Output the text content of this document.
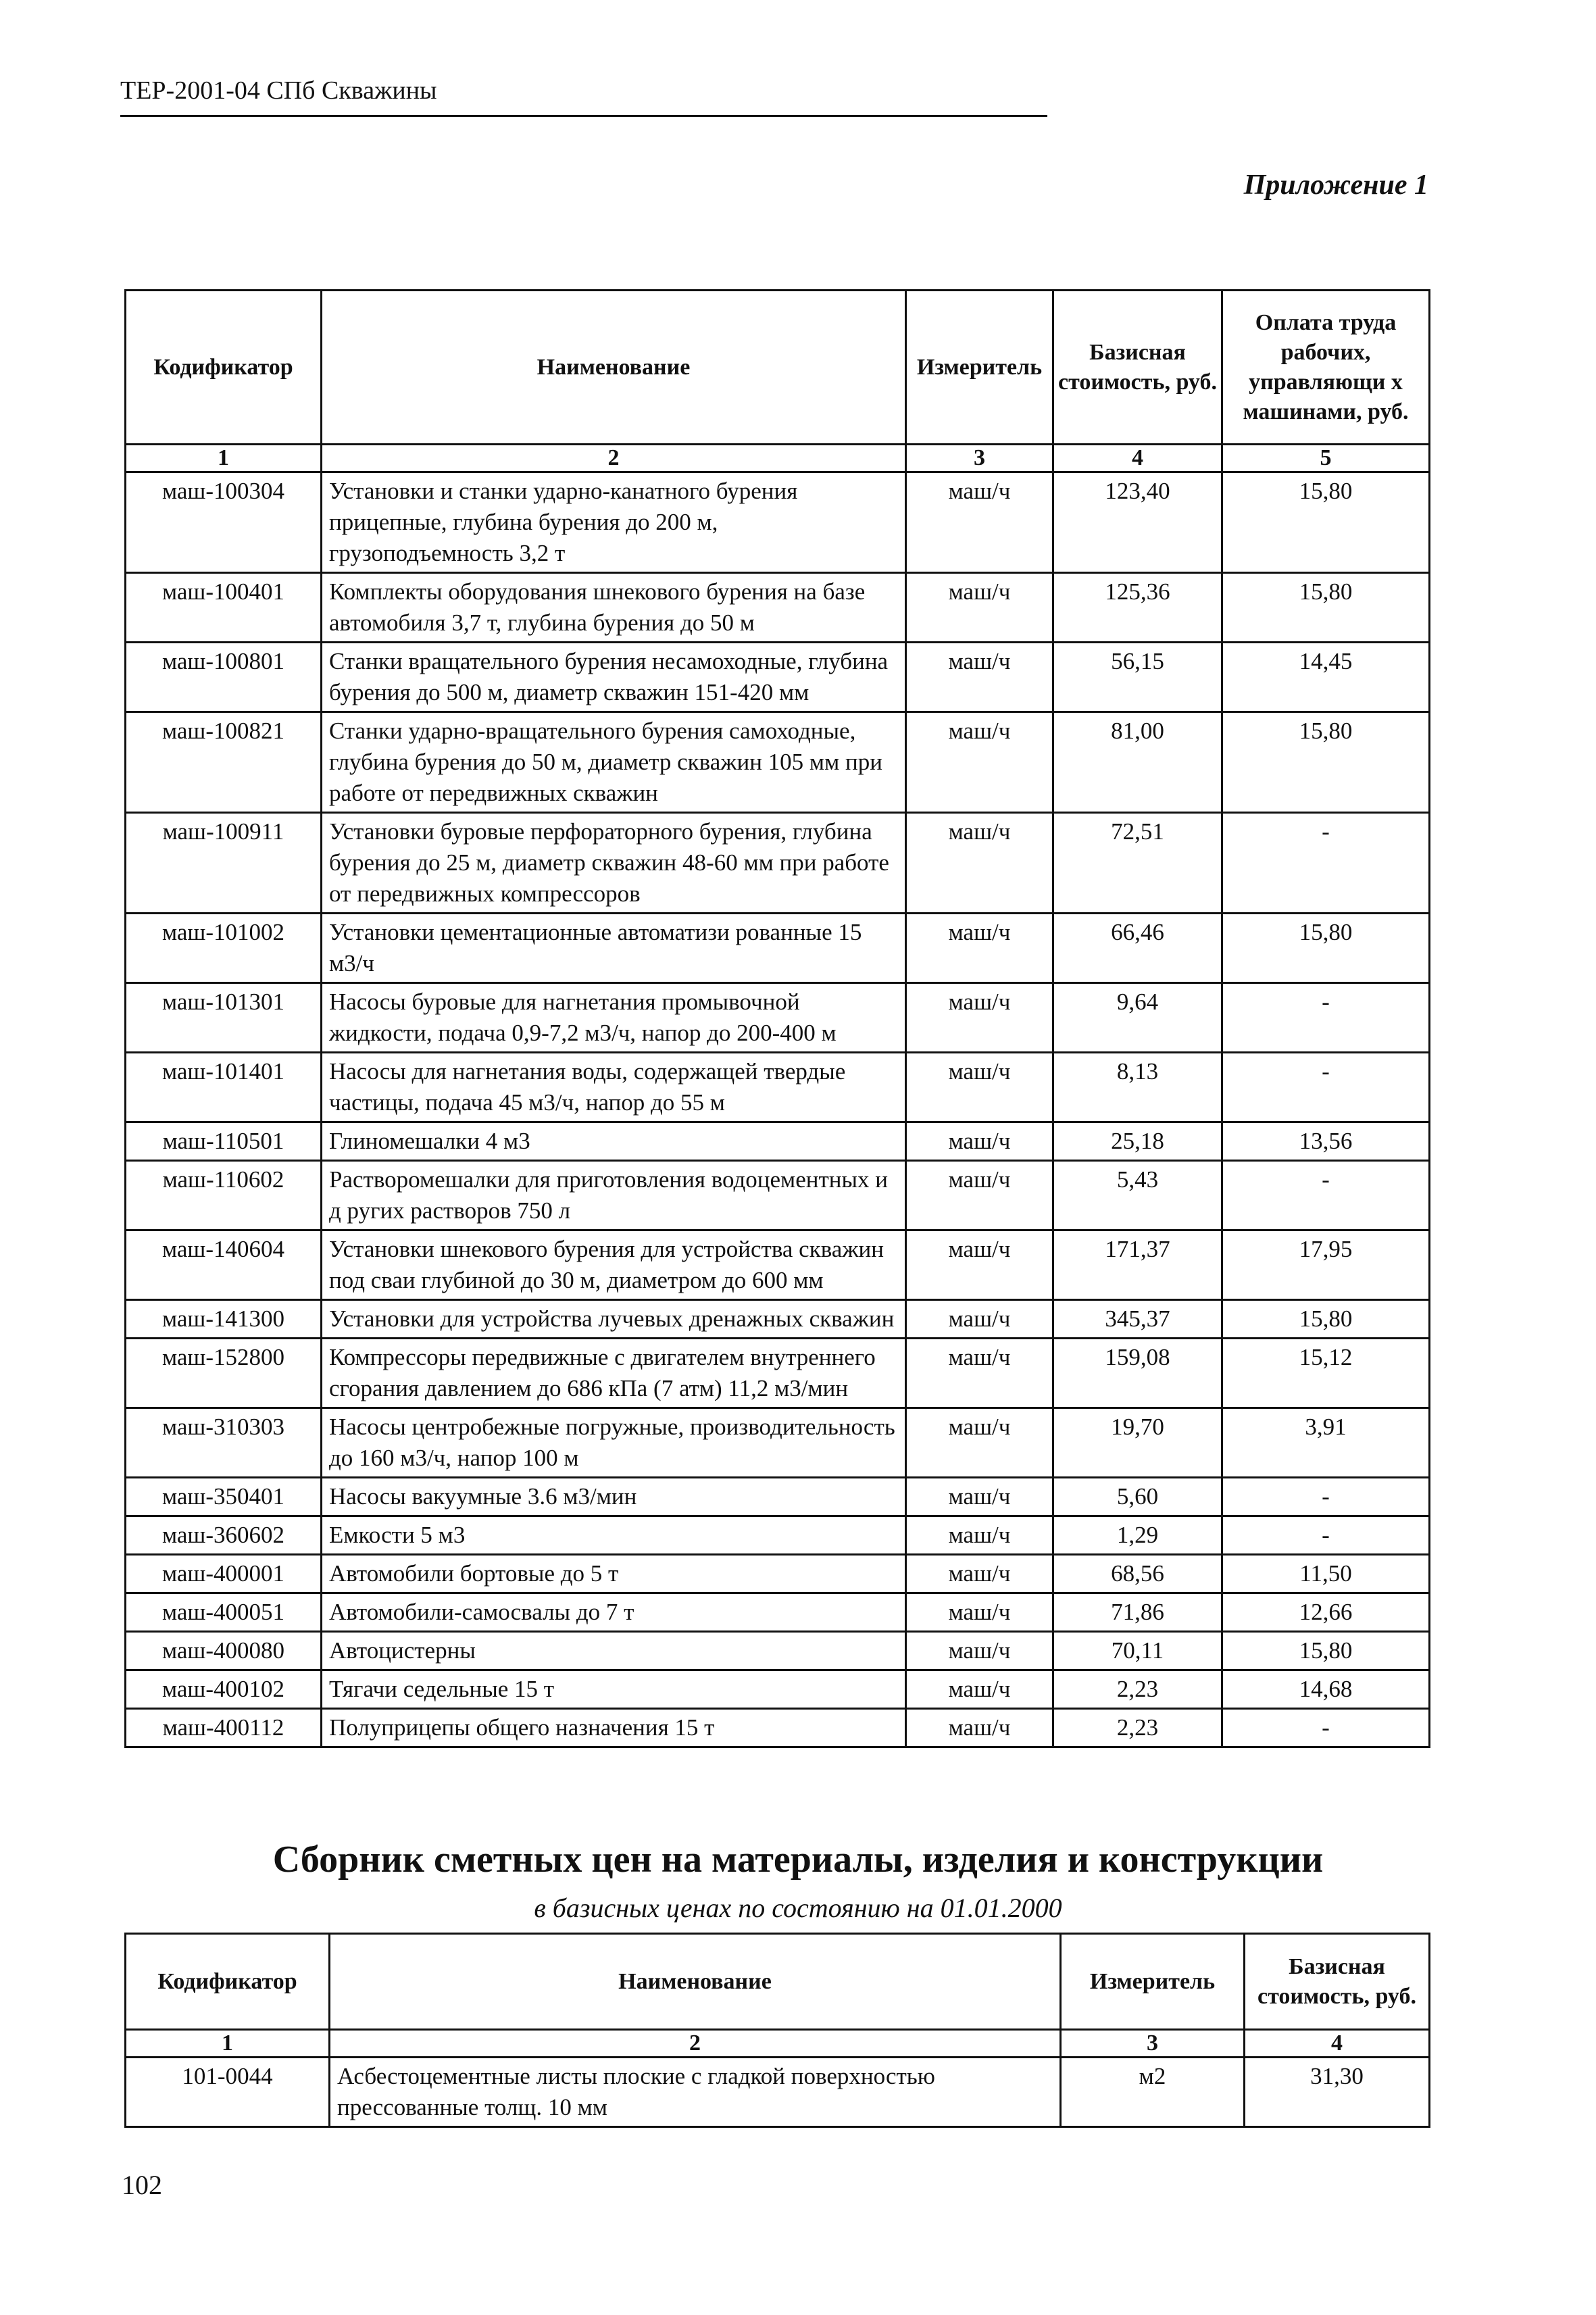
ТЕР-2001-04 СПб Скважины
Приложение 1
Кодификатор	Наименование	Измеритель	Базисная стоимость, руб.	Оплата труда рабочих, управляющи х машинами, руб.
1	2	3	4	5
маш-100304	Установки и станки ударно-канатного бурения прицепные, глубина бурения до 200 м, грузоподъемность 3,2 т	маш/ч	123,40	15,80
маш-100401	Комплекты оборудования шнекового бурения на базе автомобиля 3,7 т, глубина бурения до 50 м	маш/ч	125,36	15,80
маш-100801	Станки вращательного бурения несамоходные, глубина бурения до 500 м, диаметр скважин 151-420 мм	маш/ч	56,15	14,45
маш-100821	Станки ударно-вращательного бурения самоходные, глубина бурения до 50 м, диаметр скважин 105 мм при работе от передвижных скважин	маш/ч	81,00	15,80
маш-100911	Установки буровые перфораторного бурения, глубина бурения до 25 м, диаметр скважин 48-60 мм при работе от передвижных компрессоров	маш/ч	72,51	-
маш-101002	Установки цементационные автоматизи рованные 15 м3/ч	маш/ч	66,46	15,80
маш-101301	Насосы буровые для нагнетания промывочной жидкости, подача 0,9-7,2 м3/ч, напор до 200-400 м	маш/ч	9,64	-
маш-101401	Насосы для нагнетания воды, содержащей твердые частицы, подача 45 м3/ч, напор до 55 м	маш/ч	8,13	-
маш-110501	Глиномешалки 4 м3	маш/ч	25,18	13,56
маш-110602	Растворомешалки для приготовления водоцементных и д ругих растворов 750 л	маш/ч	5,43	-
маш-140604	Установки шнекового бурения для устройства скважин под сваи глубиной до 30 м, диаметром до 600 мм	маш/ч	171,37	17,95
маш-141300	Установки для устройства лучевых дренажных скважин	маш/ч	345,37	15,80
маш-152800	Компрессоры передвижные с двигателем внутреннего сгорания давлением до 686 кПа (7 атм) 11,2 м3/мин	маш/ч	159,08	15,12
маш-310303	Насосы центробежные погружные, производительность до 160 м3/ч, напор 100 м	маш/ч	19,70	3,91
маш-350401	Насосы вакуумные 3.6 м3/мин	маш/ч	5,60	-
маш-360602	Емкости 5 м3	маш/ч	1,29	-
маш-400001	Автомобили бортовые до 5 т	маш/ч	68,56	11,50
маш-400051	Автомобили-самосвалы до 7 т	маш/ч	71,86	12,66
маш-400080	Автоцистерны	маш/ч	70,11	15,80
маш-400102	Тягачи седельные 15 т	маш/ч	2,23	14,68
маш-400112	Полуприцепы общего назначения 15 т	маш/ч	2,23	-
Сборник сметных цен на материалы, изделия и конструкции
в базисных ценах по состоянию на 01.01.2000
Кодификатор	Наименование	Измеритель	Базисная стоимость, руб.
1	2	3	4
101-0044	Асбестоцементные листы плоские с гладкой поверхностью прессованные толщ. 10 мм	м2	31,30
102
